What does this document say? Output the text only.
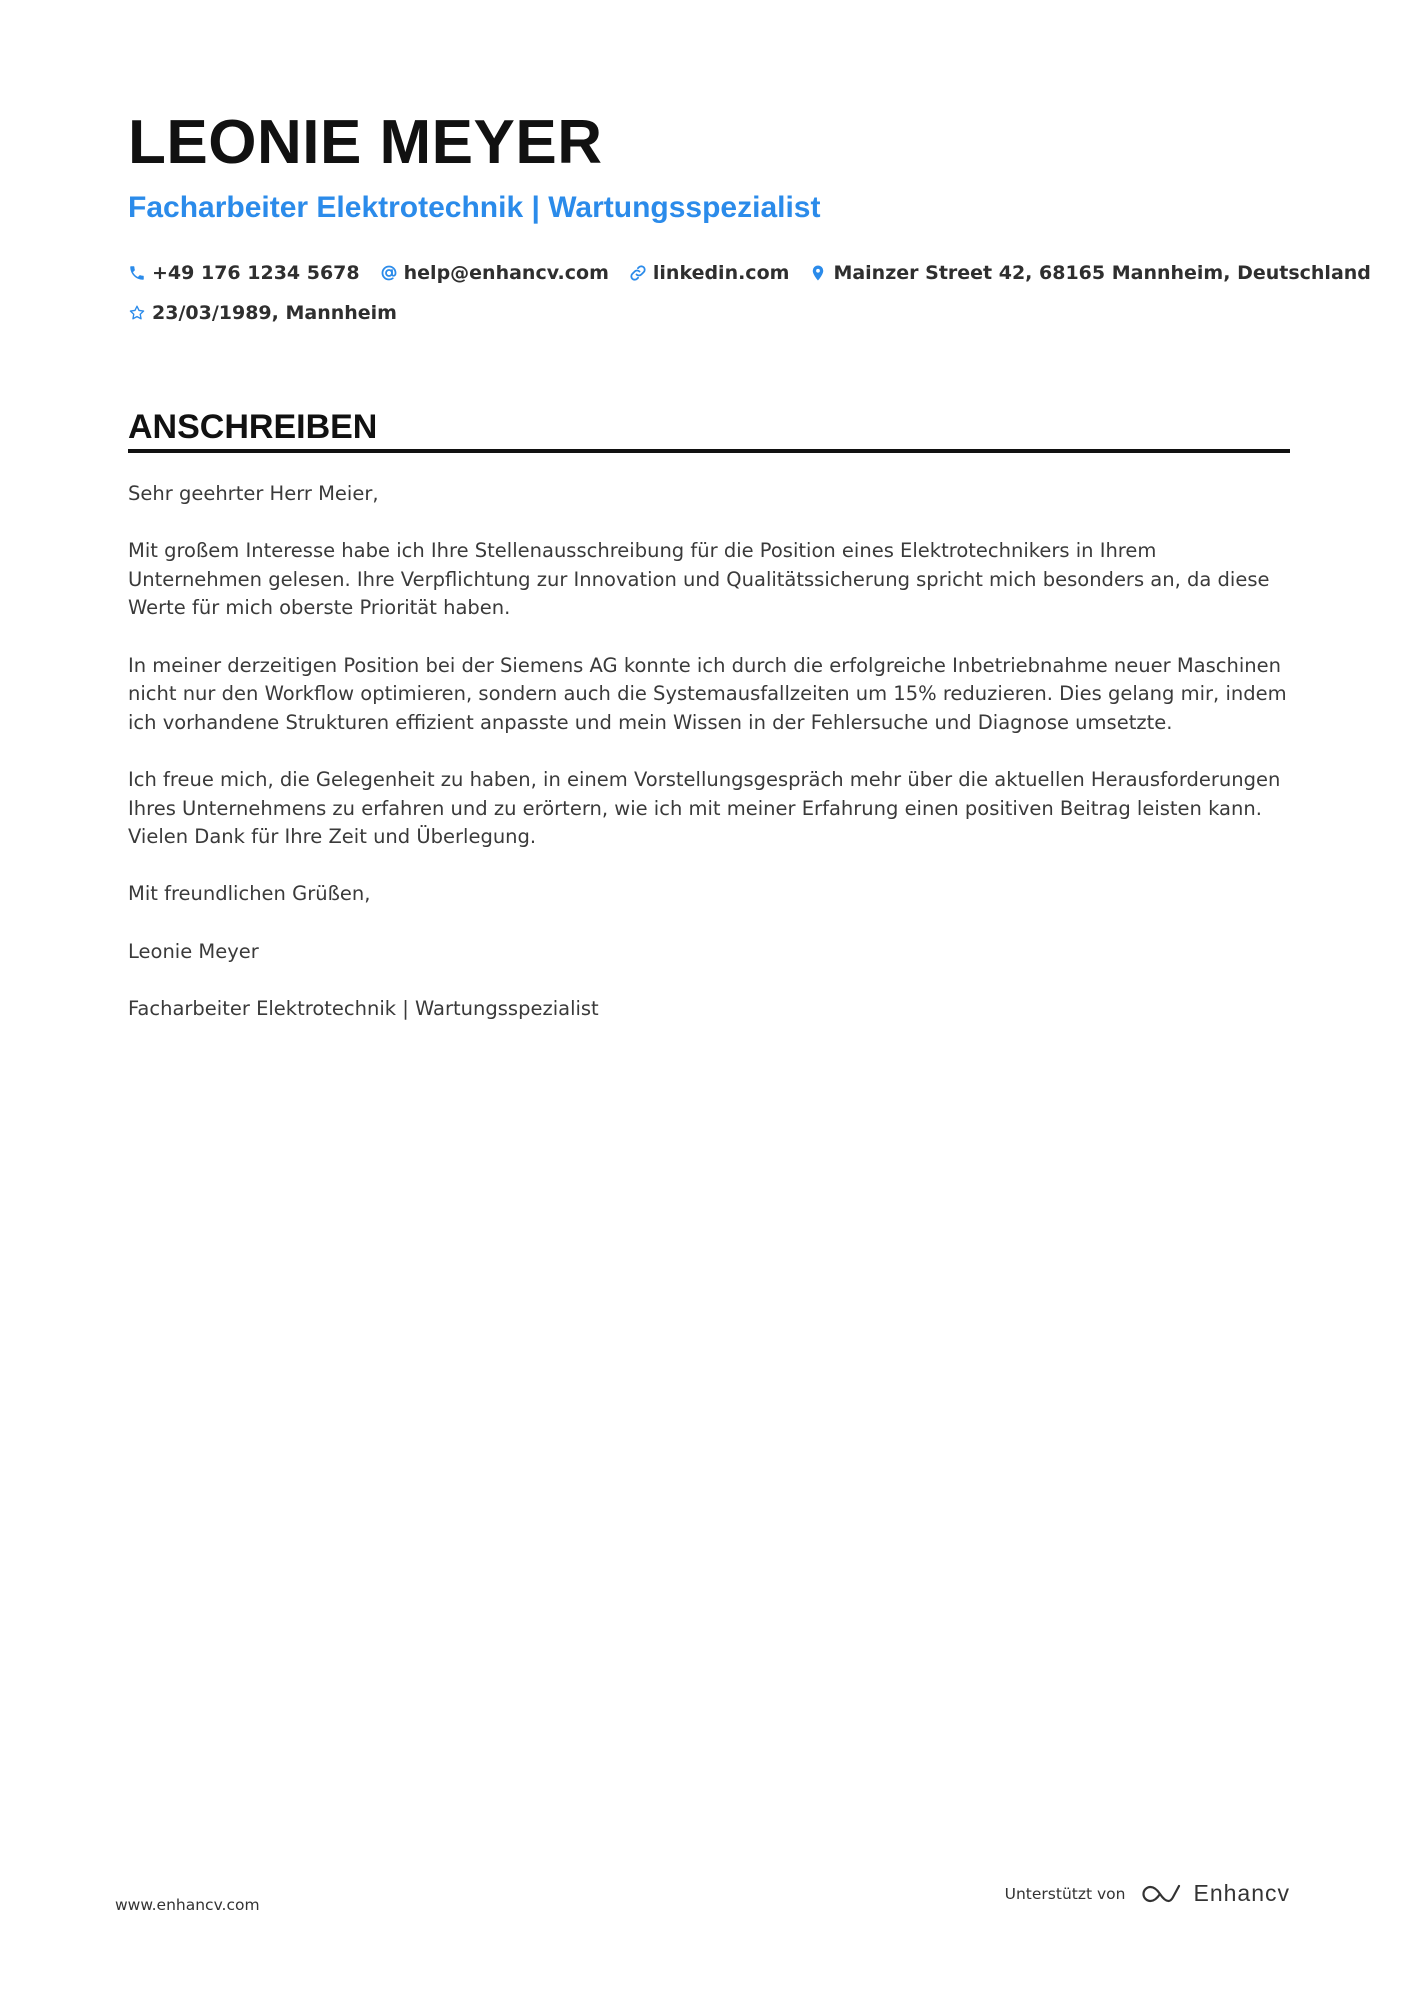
LEONIE MEYER
Facharbeiter Elektrotechnik | Wartungsspezialist
+49 176 1234 5678 help@enhancv.com linkedin.com Mainzer Street 42, 68165 Mannheim, Deutschland
23/03/1989, Mannheim
ANSCHREIBEN

Sehr geehrter Herr Meier,

Mit großem Interesse habe ich Ihre Stellenausschreibung für die Position eines Elektrotechnikers in Ihrem Unternehmen gelesen. Ihre Verpflichtung zur Innovation und Qualitätssicherung spricht mich besonders an, da diese Werte für mich oberste Priorität haben.

In meiner derzeitigen Position bei der Siemens AG konnte ich durch die erfolgreiche Inbetriebnahme neuer Maschinen nicht nur den Workflow optimieren, sondern auch die Systemausfallzeiten um 15% reduzieren. Dies gelang mir, indem ich vorhandene Strukturen effizient anpasste und mein Wissen in der Fehlersuche und Diagnose umsetzte.

Ich freue mich, die Gelegenheit zu haben, in einem Vorstellungsgespräch mehr über die aktuellen Herausforderungen Ihres Unternehmens zu erfahren und zu erörtern, wie ich mit meiner Erfahrung einen positiven Beitrag leisten kann. Vielen Dank für Ihre Zeit und Überlegung.

Mit freundlichen Grüßen,

Leonie Meyer

Facharbeiter Elektrotechnik | Wartungsspezialist

www.enhancv.com
Unterstützt von	Enhancv
